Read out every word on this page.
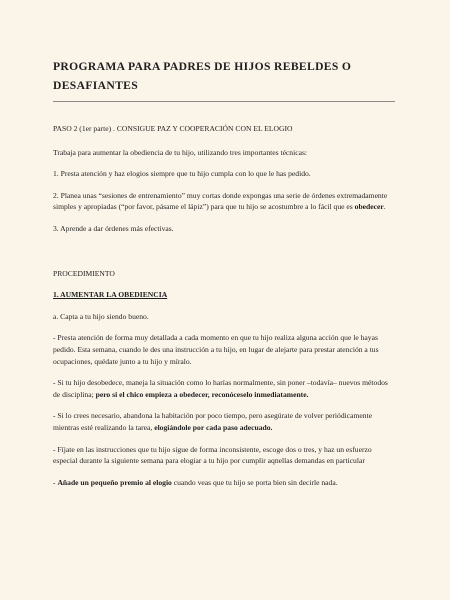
PROGRAMA PARA PADRES DE HIJOS REBELDES O
DESAFIANTES

PASO 2 (1er parte) . CONSIGUE PAZ Y COOPERACIÓN CON EL ELOGIO

Trabaja para aumentar la obediencia de tu hijo, utilizando tres importantes técnicas:

1. Presta atención y haz elogios siempre que tu hijo cumpla con lo que le has pedido.

2. Planea unas “sesiones de entrenamiento” muy cortas donde expongas una serie de órdenes extremadamente simples y apropiadas (“por favor, pásame el lápiz”) para que tu hijo se acostumbre a lo fácil que es obedecer.

3. Aprende a dar órdenes más efectivas.

PROCEDIMIENTO

1. AUMENTAR LA OBEDIENCIA

a. Capta a tu hijo siendo bueno.

- Presta atención de forma muy detallada a cada momento en que tu hijo realiza alguna acción que le hayas pedido. Esta semana, cuando le des una instrucción a tu hijo, en lugar de alejarte para prestar atención a tus ocupaciones, quédate junto a tu hijo y míralo.

- Si tu hijo desobedece, maneja la situación como lo harías normalmente, sin poner –todavía– nuevos métodos de disciplina; pero si el chico empieza a obedecer, reconóceselo inmediatamente.

- Si lo crees necesario, abandona la habitación por poco tiempo, pero asegúrate de volver periódicamente mientras esté realizando la tarea, elogiándole por cada paso adecuado.

- Fíjate en las instrucciones que tu hijo sigue de forma inconsistente, escoge dos o tres, y haz un esfuerzo especial durante la siguiente semana para elogiar a tu hijo por cumplir aqnellas demandas en particular

- Añade un pequeño premio al elogio cuando veas que tu hijo se porta bien sin decirle nada.
